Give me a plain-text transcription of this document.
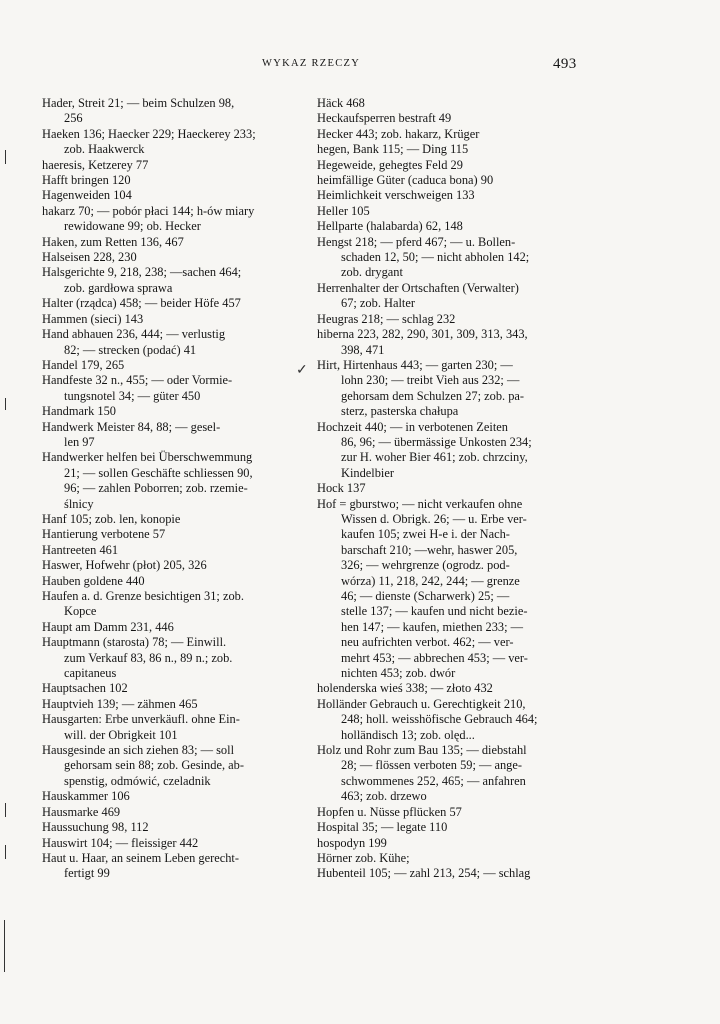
WYKAZ RZECZY	493
Hader, Streit 21; — beim Schulzen 98,
256
Haeken 136; Haecker 229; Haeckerey 233;
zob. Haakwerck
haeresis, Ketzerey 77
Hafft bringen 120
Hagenweiden 104
hakarz 70; — pobór płaci 144; h-ów miary
rewidowane 99; ob. Hecker
Haken, zum Retten 136, 467
Halseisen 228, 230
Halsgerichte 9, 218, 238; —sachen 464;
zob. gardłowa sprawa
Halter (rządca) 458; — beider Höfe 457
Hammen (sieci) 143
Hand abhauen 236, 444; — verlustig
82; — strecken (podać) 41
Handel 179, 265
Handfeste 32 n., 455; — oder Vormie-
tungsnotel 34; — güter 450
Handmark 150
Handwerk Meister 84, 88; — gesel-
len 97
Handwerker helfen bei Überschwemmung
21; — sollen Geschäfte schliessen 90,
96; — zahlen Poborren; zob. rzemie-
ślnicy
Hanf 105; zob. len, konopie
Hantierung verbotene 57
Hantreeten 461
Haswer, Hofwehr (płot) 205, 326
Hauben goldene 440
Haufen a. d. Grenze besichtigen 31; zob.
Kopce
Haupt am Damm 231, 446
Hauptmann (starosta) 78; — Einwill.
zum Verkauf 83, 86 n., 89 n.; zob.
capitaneus
Hauptsachen 102
Hauptvieh 139; — zähmen 465
Hausgarten: Erbe unverkäufl. ohne Ein-
will. der Obrigkeit 101
Hausgesinde an sich ziehen 83; — soll
gehorsam sein 88; zob. Gesinde, ab-
spenstig, odmówić, czeladnik
Hauskammer 106
Hausmarke 469
Haussuchung 98, 112
Hauswirt 104; — fleissiger 442
Haut u. Haar, an seinem Leben gerecht-
fertigt 99
Häck 468
Heckaufsperren bestraft 49
Hecker 443; zob. hakarz, Krüger
hegen, Bank 115; — Ding 115
Hegeweide, gehegtes Feld 29
heimfällige Güter (caduca bona) 90
Heimlichkeit verschweigen 133
Heller 105
Hellparte (halabarda) 62, 148
Hengst 218; — pferd 467; — u. Bollen-
schaden 12, 50; — nicht abholen 142;
zob. drygant
Herrenhalter der Ortschaften (Verwalter)
67; zob. Halter
Heugras 218; — schlag 232
hiberna 223, 282, 290, 301, 309, 313, 343,
398, 471
Hirt, Hirtenhaus 443; — garten 230; —
lohn 230; — treibt Vieh aus 232; —
gehorsam dem Schulzen 27; zob. pa-
sterz, pasterska chałupa
Hochzeit 440; — in verbotenen Zeiten
86, 96; — übermässige Unkosten 234;
zur H. woher Bier 461; zob. chrzciny,
Kindelbier
Hock 137
Hof = gburstwo; — nicht verkaufen ohne
Wissen d. Obrigk. 26; — u. Erbe ver-
kaufen 105; zwei H-e i. der Nach-
barschaft 210; —wehr, haswer 205,
326; — wehrgrenze (ogrodz. pod-
wórza) 11, 218, 242, 244; — grenze
46; — dienste (Scharwerk) 25; —
stelle 137; — kaufen und nicht bezie-
hen 147; — kaufen, miethen 233; —
neu aufrichten verbot. 462; — ver-
mehrt 453; — abbrechen 453; — ver-
nichten 453; zob. dwór
holenderska wieś 338; — złoto 432
Holländer Gebrauch u. Gerechtigkeit 210,
248; holl. weisshöfische Gebrauch 464;
holländisch 13; zob. olęd...
Holz und Rohr zum Bau 135; — diebstahl
28; — flössen verboten 59; — ange-
schwommenes 252, 465; — anfahren
463; zob. drzewo
Hopfen u. Nüsse pflücken 57
Hospital 35; — legate 110
hospodyn 199
Hörner zob. Kühe;
Hubenteil 105; — zahl 213, 254; — schlag
✓
